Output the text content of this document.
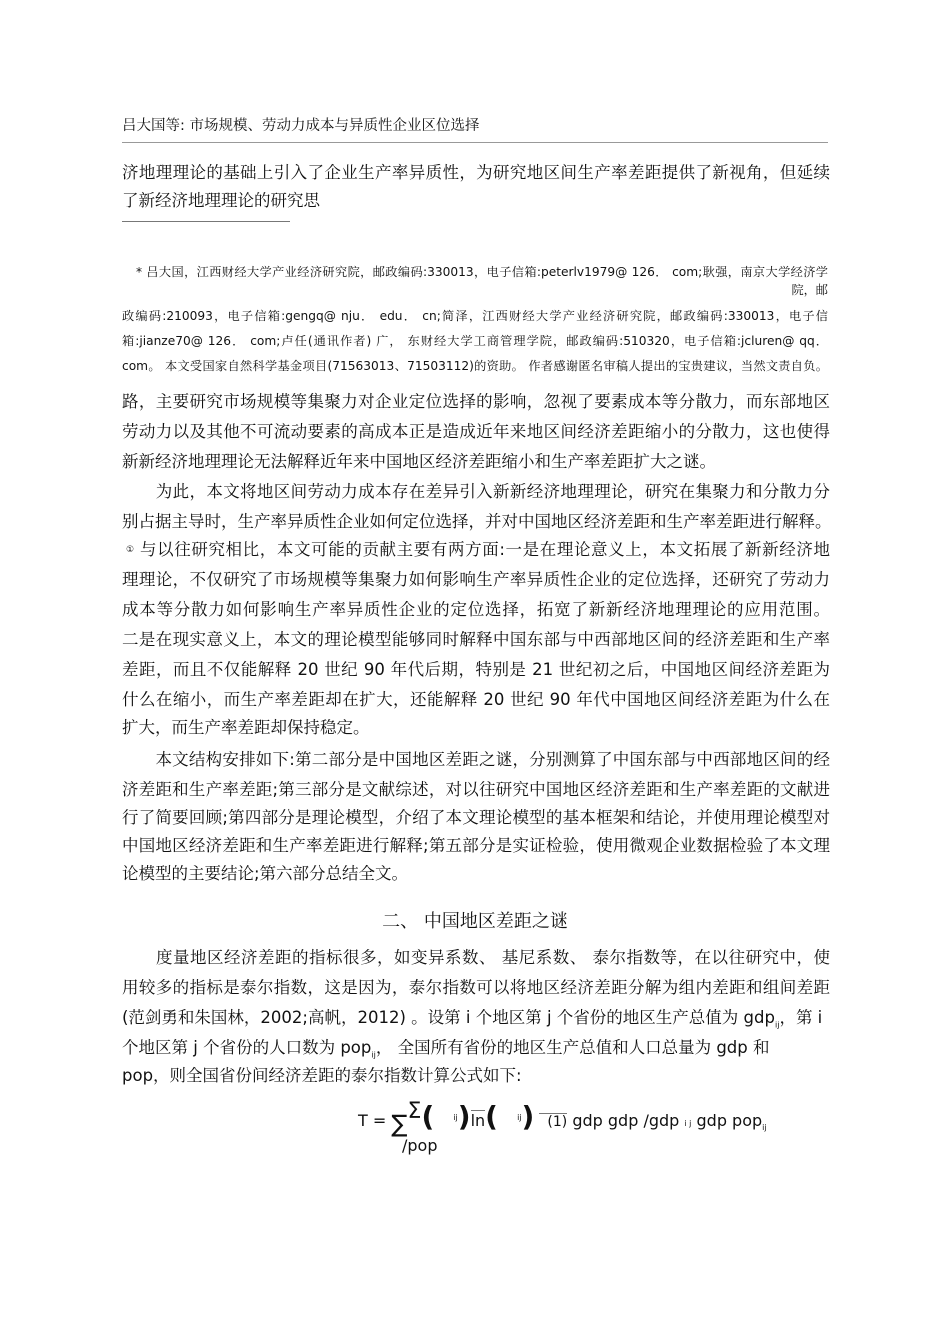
吕大国等: 市场规模、劳动力成本与异质性企业区位选择
济地理理论的基础上引入了企业生产率异质性，为研究地区间生产率差距提供了新视角，但延续
了新经济地理理论的研究思
* 吕大国，江西财经大学产业经济研究院，邮政编码:330013，电子信箱:peterlv1979@ 126． com;耿强，南京大学经济学
院，邮
政编码:210093，电子信箱:gengq@ nju． edu． cn;简泽，江西财经大学产业经济研究院，邮政编码:330013，电子信
箱:jianze70@ 126． com;卢任(通讯作者) 广， 东财经大学工商管理学院，邮政编码:510320，电子信箱:jcluren@ qq．
com。 本文受国家自然科学基金项目(71563013、71503112)的资助。 作者感谢匿名审稿人提出的宝贵建议，当然文责自负。
路，主要研究市场规模等集聚力对企业定位选择的影响，忽视了要素成本等分散力，而东部地区
劳动力以及其他不可流动要素的高成本正是造成近年来地区间经济差距缩小的分散力，这也使得
新新经济地理理论无法解释近年来中国地区经济差距缩小和生产率差距扩大之谜。
　　为此，本文将地区间劳动力成本存在差异引入新新经济地理理论，研究在集聚力和分散力分
别占据主导时，生产率异质性企业如何定位选择，并对中国地区经济差距和生产率差距进行解释。
① 与以往研究相比，本文可能的贡献主要有两方面:一是在理论意义上，本文拓展了新新经济地
理理论，不仅研究了市场规模等集聚力如何影响生产率异质性企业的定位选择，还研究了劳动力
成本等分散力如何影响生产率异质性企业的定位选择，拓宽了新新经济地理理论的应用范围。
二是在现实意义上，本文的理论模型能够同时解释中国东部与中西部地区间的经济差距和生产率
差距，而且不仅能解释 20 世纪 90 年代后期，特别是 21 世纪初之后，中国地区间经济差距为
什么在缩小，而生产率差距却在扩大，还能解释 20 世纪 90 年代中国地区间经济差距为什么在
扩大，而生产率差距却保持稳定。
　　本文结构安排如下:第二部分是中国地区差距之谜，分别测算了中国东部与中西部地区间的经
济差距和生产率差距;第三部分是文献综述，对以往研究中国地区经济差距和生产率差距的文献进
行了简要回顾;第四部分是理论模型，介绍了本文理论模型的基本框架和结论，并使用理论模型对
中国地区经济差距和生产率差距进行解释;第五部分是实证检验，使用微观企业数据检验了本文理
论模型的主要结论;第六部分总结全文。
二、 中国地区差距之谜
　　度量地区经济差距的指标很多，如变异系数、 基尼系数、 泰尔指数等，在以往研究中，使
用较多的指标是泰尔指数，这是因为，泰尔指数可以将地区经济差距分解为组内差距和组间差距
(范剑勇和朱国林，2002;高帆，2012) 。设第 i 个地区第 j 个省份的地区生产总值为 gdp$_{ij}$，第 i
个地区第 j 个省份的人口数为 pop$_{ij}$， 全国所有省份的地区生产总值和人口总量为 gdp 和
pop，则全国省份间经济差距的泰尔指数计算公式如下:
T = ∑Σ( $^{ij}$)ln( $^{ij}$) (1) gdp gdp /gdp i j gdp pop$_{ij}$
/pop
